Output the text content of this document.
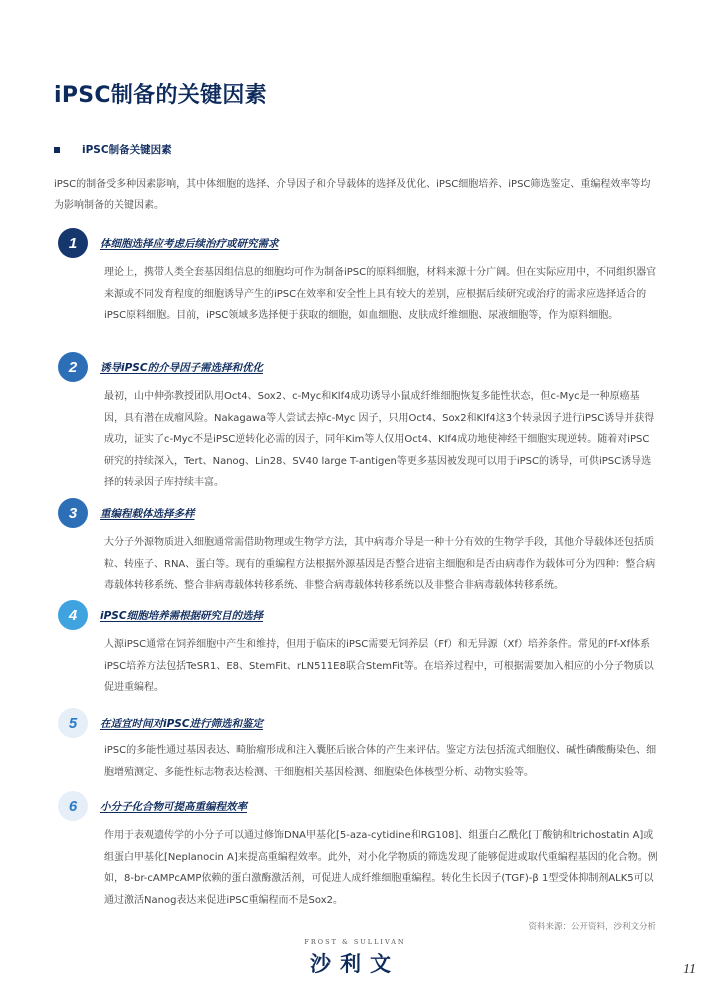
iPSC制备的关键因素
iPSC制备关键因素
iPSC的制备受多种因素影响，其中体细胞的选择、介导因子和介导载体的选择及优化、iPSC细胞培养、iPSC筛选鉴定、重编程效率等均为影响制备的关键因素。
1	体细胞选择应考虑后续治疗或研究需求
理论上，携带人类全套基因组信息的细胞均可作为制备iPSC的原料细胞，材料来源十分广阔。但在实际应用中，不同组织器官来源或不同发育程度的细胞诱导产生的iPSC在效率和安全性上具有较大的差别，应根据后续研究或治疗的需求应选择适合的iPSC原料细胞。目前，iPSC领域多选择便于获取的细胞，如血细胞、皮肤成纤维细胞、尿液细胞等，作为原料细胞。
2	诱导iPSC的介导因子需选择和优化
最初，山中伸弥教授团队用Oct4、Sox2、c-Myc和Klf4成功诱导小鼠成纤维细胞恢复多能性状态，但c-Myc是一种原癌基因，具有潜在成瘤风险。Nakagawa等人尝试去掉c-Myc 因子，只用Oct4、Sox2和Klf4这3个转录因子进行iPSC诱导并获得成功，证实了c-Myc不是iPSC逆转化必需的因子，同年Kim等人仅用Oct4、Klf4成功地使神经干细胞实现逆转。随着对iPSC研究的持续深入，Tert、Nanog、Lin28、SV40 large T-antigen等更多基因被发现可以用于iPSC的诱导，可供iPSC诱导选择的转录因子库持续丰富。
3	重编程载体选择多样
大分子外源物质进入细胞通常需借助物理或生物学方法，其中病毒介导是一种十分有效的生物学手段，其他介导载体还包括质粒、转座子、RNA、蛋白等。现有的重编程方法根据外源基因是否整合进宿主细胞和是否由病毒作为载体可分为四种：整合病毒载体转移系统、整合非病毒载体转移系统、非整合病毒载体转移系统以及非整合非病毒载体转移系统。
4	iPSC细胞培养需根据研究目的选择
人源iPSC通常在饲养细胞中产生和维持，但用于临床的iPSC需要无饲养层（Ff）和无异源（Xf）培养条件。常见的Ff-Xf体系iPSC培养方法包括TeSR1、E8、StemFit、rLN511E8联合StemFit等。在培养过程中，可根据需要加入相应的小分子物质以促进重编程。
5	在适宜时间对iPSC进行筛选和鉴定
iPSC的多能性通过基因表达、畸胎瘤形成和注入囊胚后嵌合体的产生来评估。鉴定方法包括流式细胞仪、碱性磷酸酶染色、细胞增殖测定、多能性标志物表达检测、干细胞相关基因检测、细胞染色体核型分析、动物实验等。
6	小分子化合物可提高重编程效率
作用于表观遗传学的小分子可以通过修饰DNA甲基化[5-aza-cytidine和RG108]、组蛋白乙酰化[丁酸钠和trichostatin A]或组蛋白甲基化[Neplanocin A]来提高重编程效率。此外，对小化学物质的筛选发现了能够促进或取代重编程基因的化合物。例如，8-br-cAMPcAMP依赖的蛋白激酶激活剂，可促进人成纤维细胞重编程。转化生长因子(TGF)-β 1型受体抑制剂ALK5可以通过激活Nanog表达来促进iPSC重编程而不是Sox2。
资料来源：公开资料，沙利文分析
FROST & SULLIVAN
沙利文	11
